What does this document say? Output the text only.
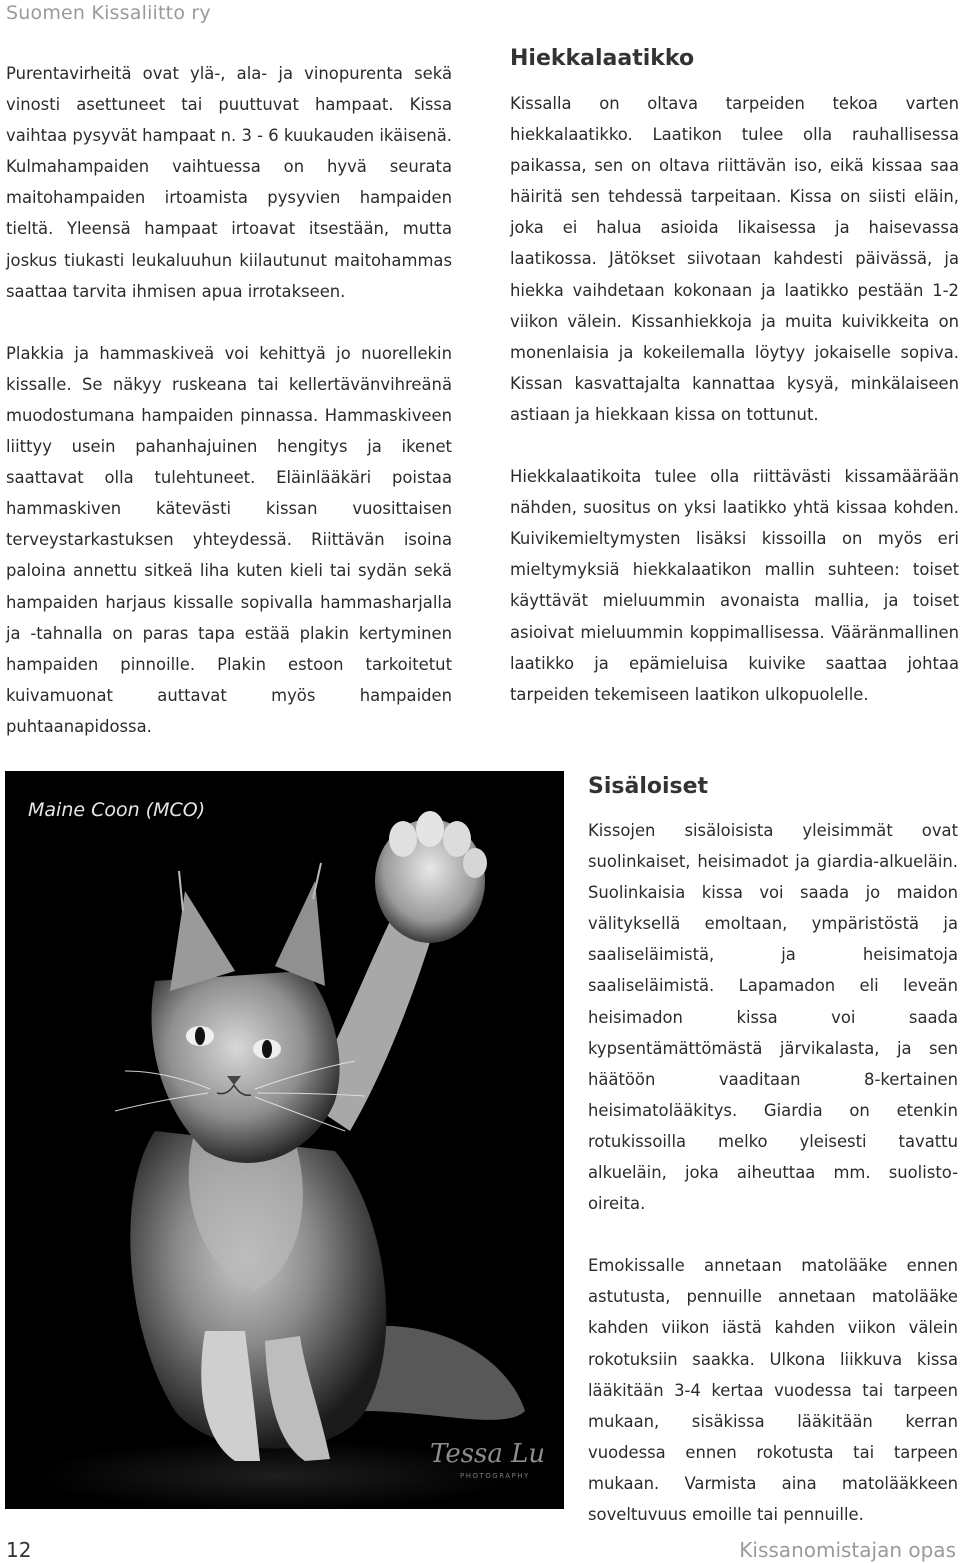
Suomen Kissaliitto ry

Purentavirheitä ovat ylä-, ala- ja vinopurenta sekä vinosti asettuneet tai puuttuvat hampaat. Kissa vaihtaa pysyvät hampaat n. 3 - 6 kuukauden ikäisenä. Kulmahampaiden vaihtuessa on hyvä seurata maitohampaiden irtoamista pysyvien hampaiden tieltä. Yleensä hampaat irtoavat itsestään, mutta joskus tiukasti leukaluuhun kiilautunut maitohammas saattaa tarvita ihmisen apua irrotakseen.

Plakkia ja hammaskiveä voi kehittyä jo nuorellekin kissalle. Se näkyy ruskeana tai kellertävänvihreänä muodostumana hampaiden pinnassa. Hammaskiveen liittyy usein pahanhajuinen hengitys ja ikenet saattavat olla tulehtuneet. Eläinlääkäri poistaa hammaskiven kätevästi kissan vuosittaisen terveystarkastuksen yhteydessä. Riittävän isoina paloina annettu sitkeä liha kuten kieli tai sydän sekä hampaiden harjaus kissalle sopivalla hammasharjalla ja -tahnalla on paras tapa estää plakin kertyminen hampaiden pinnoille. Plakin estoon tarkoitetut kuivamuonat auttavat myös hampaiden puhtaanapidossa.

Hiekkalaatikko

Kissalla on oltava tarpeiden tekoa varten hiekkalaatikko. Laatikon tulee olla rauhallisessa paikassa, sen on oltava riittävän iso, eikä kissaa saa häiritä sen tehdessä tarpeitaan. Kissa on siisti eläin, joka ei halua asioida likaisessa ja haisevassa laatikossa. Jätökset siivotaan kahdesti päivässä, ja hiekka vaihdetaan kokonaan ja laatikko pestään 1-2 viikon välein. Kissanhiekkoja ja muita kuivikkeita on monenlaisia ja kokeilemalla löytyy jokaiselle sopiva. Kissan kasvattajalta kannattaa kysyä, minkälaiseen astiaan ja hiekkaan kissa on tottunut.

Hiekkalaatikoita tulee olla riittävästi kissamäärään nähden, suositus on yksi laatikko yhtä kissaa kohden. Kuivikemieltymysten lisäksi kissoilla on myös eri mieltymyksiä hiekkalaatikon mallin suhteen: toiset käyttävät mieluummin avonaista mallia, ja toiset asioivat mieluummin koppimallisessa. Vääränmallinen laatikko ja epämieluisa kuivike saattaa johtaa tarpeiden tekemiseen laatikon ulkopuolelle.

Maine Coon (MCO)
Tessa Lu
PHOTOGRAPHY
Sisäloiset

Kissojen sisäloisista yleisimmät ovat suolinkaiset, heisimadot ja giardia-alkueläin. Suolinkaisia kissa voi saada jo maidon välityksellä emoltaan, ympäristöstä ja saaliseläimistä, ja heisimatoja saaliseläimistä. Lapamadon eli leveän heisimadon kissa voi saada kypsentämättömästä järvikalasta, ja sen häätöön vaaditaan 8-kertainen heisimatolääkitys. Giardia on etenkin rotukissoilla melko yleisesti tavattu alkueläin, joka aiheuttaa mm. suolisto-oireita.

Emokissalle annetaan matolääke ennen astutusta, pennuille annetaan matolääke kahden viikon iästä kahden viikon välein rokotuksiin saakka. Ulkona liikkuva kissa lääkitään 3-4 kertaa vuodessa tai tarpeen mukaan, sisäkissa lääkitään kerran vuodessa ennen rokotusta tai tarpeen mukaan. Varmista aina matolääkkeen soveltuvuus emoille tai pennuille.

12	Kissanomistajan opas
